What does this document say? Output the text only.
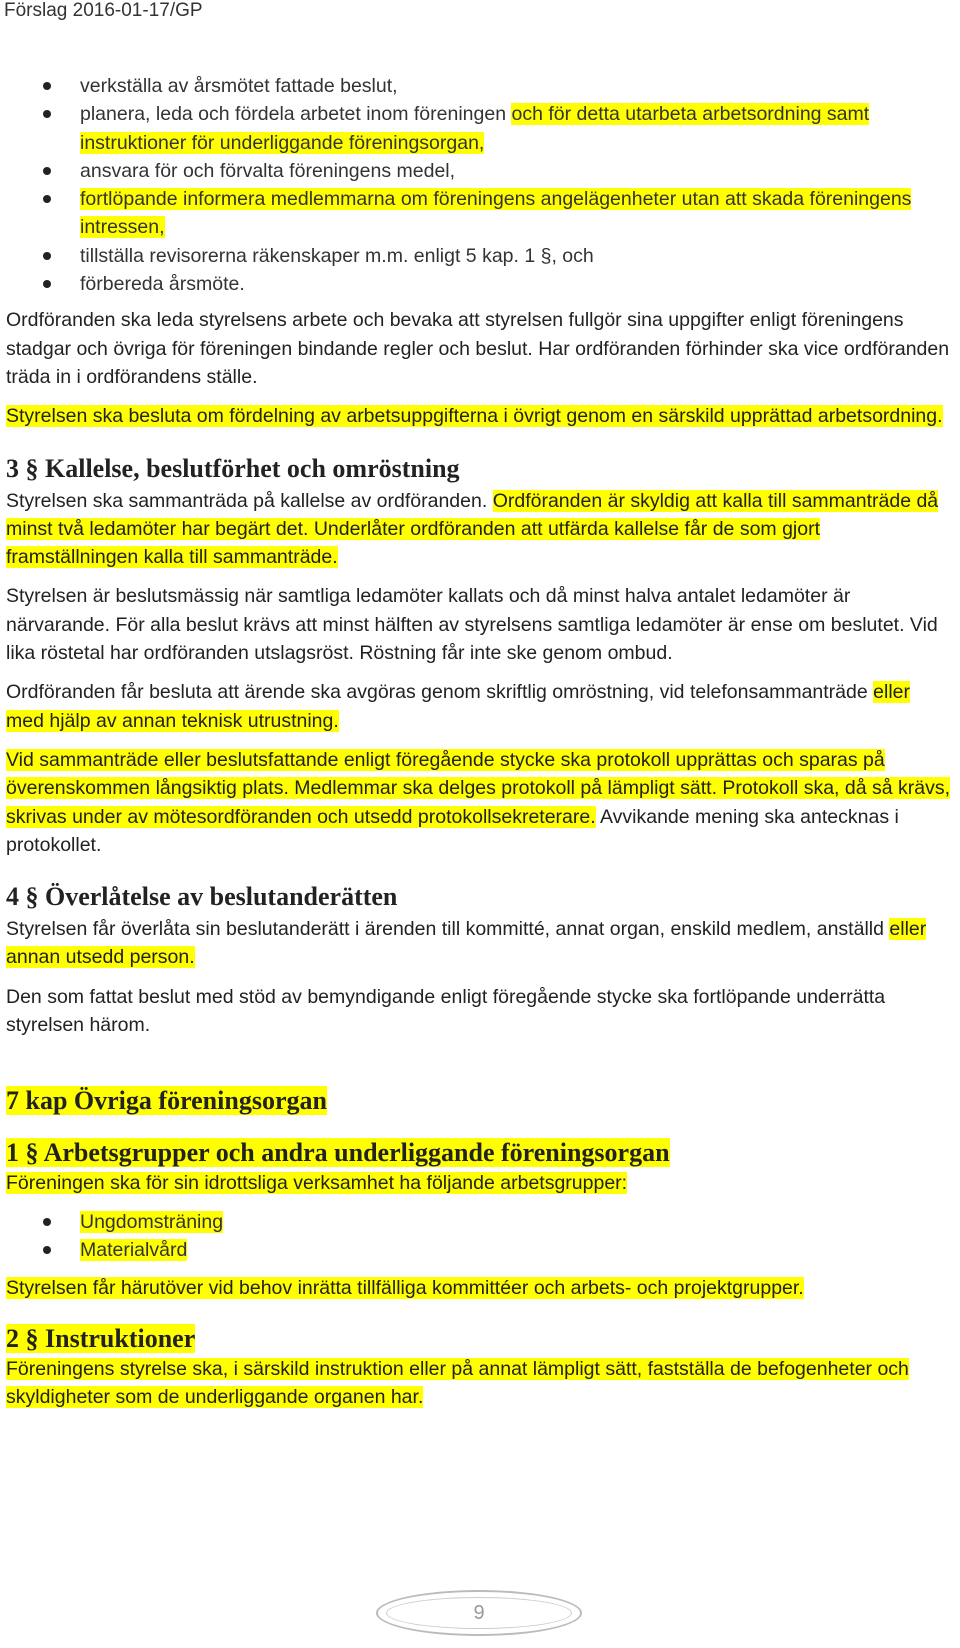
Förslag 2016-01-17/GP
verkställa av årsmötet fattade beslut,
planera, leda och fördela arbetet inom föreningen och för detta utarbeta arbetsordning samt instruktioner för underliggande föreningsorgan,
ansvara för och förvalta föreningens medel,
fortlöpande informera medlemmarna om föreningens angelägenheter utan att skada föreningens intressen,
tillställa revisorerna räkenskaper m.m. enligt 5 kap. 1 §, och
förbereda årsmöte.

Ordföranden ska leda styrelsens arbete och bevaka att styrelsen fullgör sina uppgifter enligt föreningens stadgar och övriga för föreningen bindande regler och beslut. Har ordföranden förhinder ska vice ordföranden träda in i ordförandens ställe.

Styrelsen ska besluta om fördelning av arbetsuppgifterna i övrigt genom en särskild upprättad arbetsordning.

3 § Kallelse, beslutförhet och omröstning

Styrelsen ska sammanträda på kallelse av ordföranden. Ordföranden är skyldig att kalla till sammanträde då minst två ledamöter har begärt det. Underlåter ordföranden att utfärda kallelse får de som gjort framställningen kalla till sammanträde.

Styrelsen är beslutsmässig när samtliga ledamöter kallats och då minst halva antalet ledamöter är närvarande. För alla beslut krävs att minst hälften av styrelsens samtliga ledamöter är ense om beslutet. Vid lika röstetal har ordföranden utslagsröst. Röstning får inte ske genom ombud.

Ordföranden får besluta att ärende ska avgöras genom skriftlig omröstning, vid telefonsammanträde eller med hjälp av annan teknisk utrustning.

Vid sammanträde eller beslutsfattande enligt föregående stycke ska protokoll upprättas och sparas på överenskommen långsiktig plats. Medlemmar ska delges protokoll på lämpligt sätt. Protokoll ska, då så krävs, skrivas under av mötesordföranden och utsedd protokollsekreterare. Avvikande mening ska antecknas i protokollet.

4 § Överlåtelse av beslutanderätten

Styrelsen får överlåta sin beslutanderätt i ärenden till kommitté, annat organ, enskild medlem, anställd eller annan utsedd person.

Den som fattat beslut med stöd av bemyndigande enligt föregående stycke ska fortlöpande underrätta styrelsen härom.

7 kap Övriga föreningsorgan
1 § Arbetsgrupper och andra underliggande föreningsorgan

Föreningen ska för sin idrottsliga verksamhet ha följande arbetsgrupper:

Ungdomsträning
Materialvård

Styrelsen får härutöver vid behov inrätta tillfälliga kommittéer och arbets- och projektgrupper.

2 § Instruktioner

Föreningens styrelse ska, i särskild instruktion eller på annat lämpligt sätt, fastställa de befogenheter och skyldigheter som de underliggande organen har.

9
